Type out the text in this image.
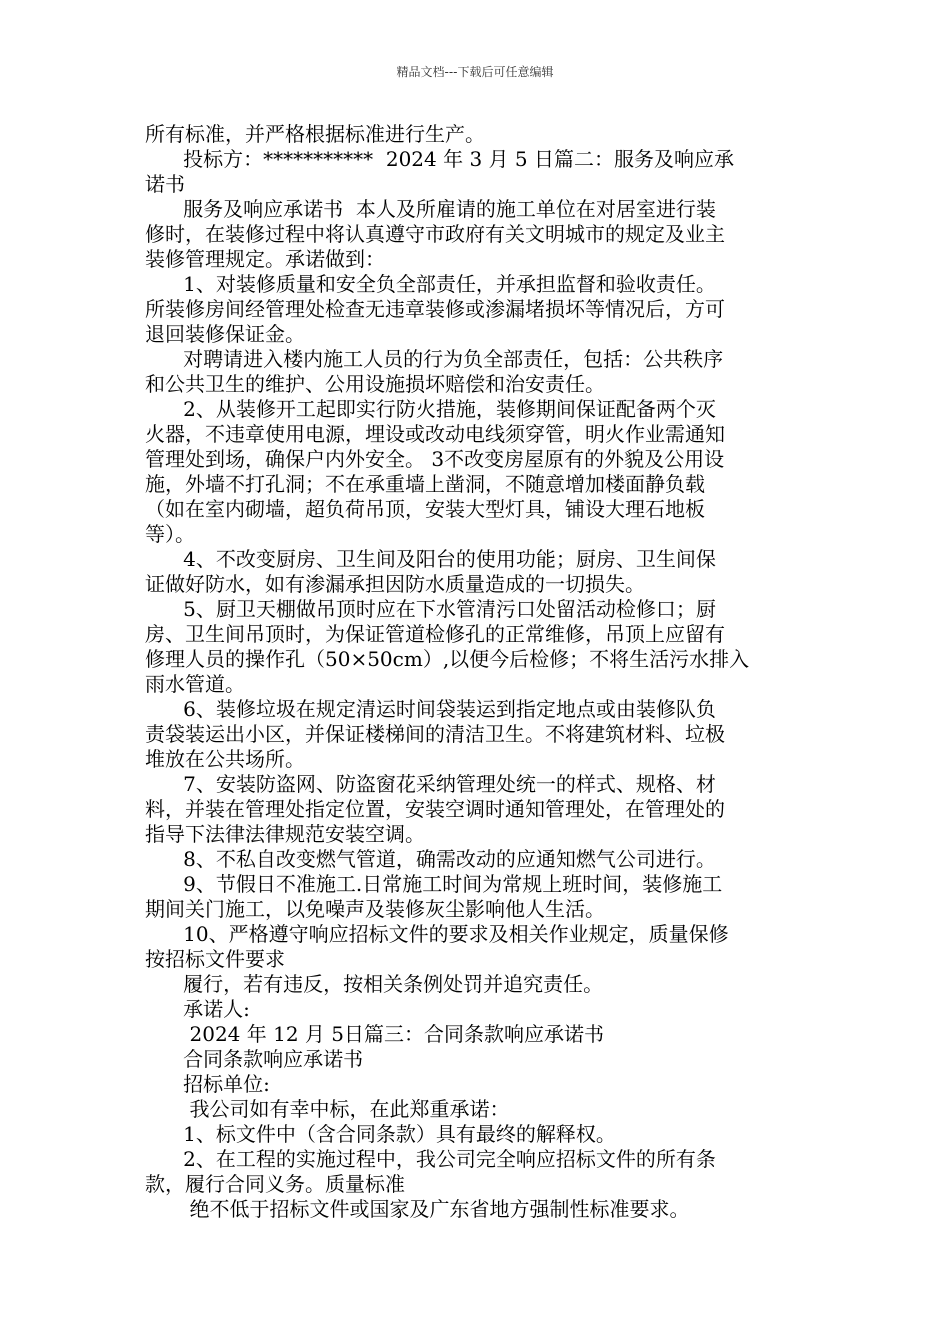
精品文档---下载后可任意编辑
所有标准，并严格根据标准进行生产。
投标方：***********  2024 年 3 月 5 日篇二：服务及响应承
诺书
服务及响应承诺书  本人及所雇请的施工单位在对居室进行装
修时，在装修过程中将认真遵守市政府有关文明城市的规定及业主
装修管理规定。承诺做到：
1、对装修质量和安全负全部责任，并承担监督和验收责任。
所装修房间经管理处检查无违章装修或渗漏堵损坏等情况后，方可
退回装修保证金。
对聘请进入楼内施工人员的行为负全部责任，包括：公共秩序
和公共卫生的维护、公用设施损坏赔偿和治安责任。
2、从装修开工起即实行防火措施，装修期间保证配备两个灭
火器，不违章使用电源，埋设或改动电线须穿管，明火作业需通知
管理处到场，确保户内外安全。 3不改变房屋原有的外貌及公用设
施，外墙不打孔洞；不在承重墙上凿洞，不随意增加楼面静负载
（如在室内砌墙，超负荷吊顶，安装大型灯具，铺设大理石地板
等）。
4、不改变厨房、卫生间及阳台的使用功能；厨房、卫生间保
证做好防水，如有渗漏承担因防水质量造成的一切损失。
5、厨卫天棚做吊顶时应在下水管清污口处留活动检修口；厨
房、卫生间吊顶时，为保证管道检修孔的正常维修，吊顶上应留有
修理人员的操作孔（50×50cm）,以便今后检修；不将生活污水排入
雨水管道。
6、装修垃圾在规定清运时间袋装运到指定地点或由装修队负
责袋装运出小区，并保证楼梯间的清洁卫生。不将建筑材料、垃极
堆放在公共场所。
7、安装防盗网、防盗窗花采纳管理处统一的样式、规格、材
料，并装在管理处指定位置，安装空调时通知管理处，在管理处的
指导下法律法律规范安装空调。
8、不私自改变燃气管道，确需改动的应通知燃气公司进行。
9、节假日不准施工.日常施工时间为常规上班时间，装修施工
期间关门施工，以免噪声及装修灰尘影响他人生活。
10、严格遵守响应招标文件的要求及相关作业规定，质量保修
按招标文件要求
履行，若有违反，按相关条例处罚并追究责任。
承诺人:
2024 年 12 月 5日篇三：合同条款响应承诺书
合同条款响应承诺书
招标单位:
我公司如有幸中标，在此郑重承诺：
1、标文件中（含合同条款）具有最终的解释权。
2、在工程的实施过程中，我公司完全响应招标文件的所有条
款，履行合同义务。质量标准
绝不低于招标文件或国家及广东省地方强制性标准要求。
